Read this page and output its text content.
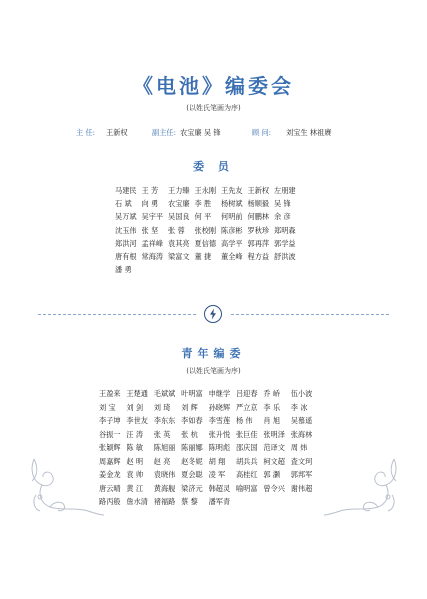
《电池》编委会
(以姓氏笔画为序)
主 任: 王新权	副主任: 农宝廉 吴 锋	顾 问: 刘宝生 林祖赓
委 员
马建民 王 芳	王力臻 王永刚 王先友 王新权 左朋建
石 斌	向 勇	农宝廉 李 胜	杨树斌 杨顺毅 吴 锋
吴万斌 吴宇平 吴国良 何 平	何明前 何鹏林 余 彦
沈玉伟 张 坚	张 蓉	张校刚 陈彦彬 罗秋珍 郑明森
郑洪河 孟祥峰 袁其亮 夏信德 高学平 郭再萍 郭学益
唐有根 常海涛 梁富文 董 捷	董全峰 程方益 舒洪波
潘 勇
青年编委
(以姓氏笔画为序)
王盈来 王楚通 毛斌斌 叶明富 申继学 吕迎春 乔 峤	伍小波
刘 宝	刘 剑	刘 琦	刘 辉	孙晓辉 严立京 李 乐	李 冰
李子坤 李世友 李东东 李如春 李雪莲 杨 伟	肖 旭	吴慕遥
谷振一 汪 涛	张 英	张 杭	张升悦 张巨佳 张明泽 张海林
张颖辉 陈 敏	陈旭丽 陈丽娜 陈明彪 邵庆国 范译文 周 炜
周嘉辉 赵 明	赵 亮	赵冬妮 胡 翔	胡兵兵 柯文超 査文珂
姜金龙 袁 帅	袁晓伟 夏会聪 凌 军	高桂红 郭 灏	郭邦军
唐云晴 黄 江	黄海舰 梁济元 韩超灵 喻明富 曾令兴 谢伟超
路丙般 詹水清 褚福路 蔡 黎	潘军青
